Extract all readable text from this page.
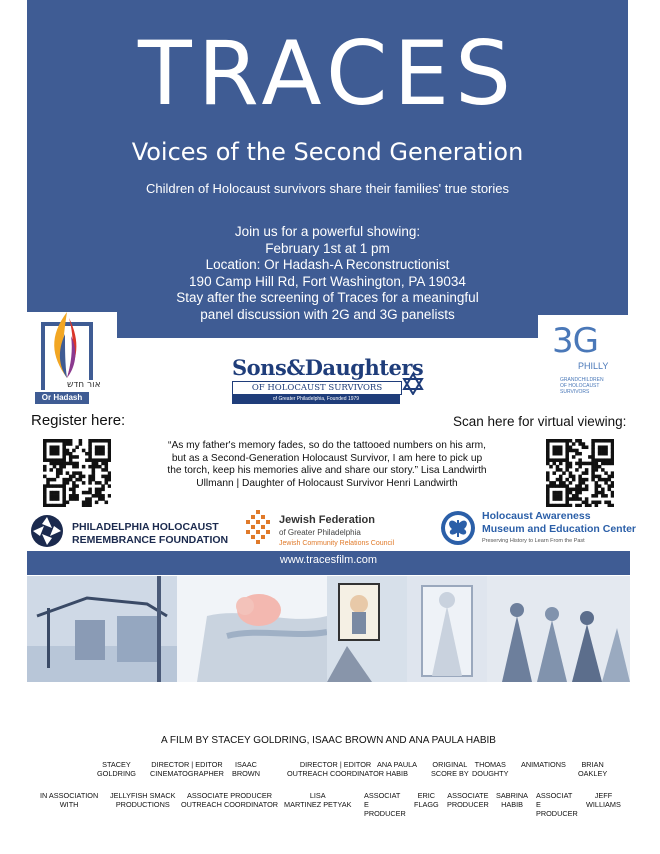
TRACES
Voices of the Second Generation
Children of Holocaust survivors share their families' true stories
Join us for a powerful showing:
February 1st at 1 pm
Location: Or Hadash-A Reconstructionist
190 Camp Hill Rd, Fort Washington, PA 19034
Stay after the screening of Traces for a meaningful
panel discussion with 2G and 3G panelists
אור חדש
Or Hadash
3G
PHILLY
GRANDCHILDREN OF HOLOCAUST SURVIVORS
Sons&Daughters
OF HOLOCAUST SURVIVORS
of Greater Philadelphia, Founded 1979
Register here:	Scan here for virtual viewing:
“As my father's memory fades, so do the tattooed numbers on his arm,
but as a Second-Generation Holocaust Survivor, I am here to pick up
the torch, keep his memories alive and share our story.” Lisa Landwirth
Ullmann | Daughter of Holocaust Survivor Henri Landwirth
PHILADELPHIA HOLOCAUST
REMEMBRANCE FOUNDATION
Jewish Federation
of Greater Philadelphia
Jewish Community Relations Council
Holocaust Awareness
Museum and Education Center
Preserving History to Learn From the Past
www.tracesfilm.com
A FILM BY STACEY GOLDRING, ISAAC BROWN AND ANA PAULA HABIB
STACEY
GOLDRING
DIRECTOR | EDITOR
CINEMATOGRAPHER
ISAAC
BROWN
DIRECTOR | EDITOR
OUTREACH COORDINATOR
ANA PAULA
HABIB
ORIGINAL
SCORE BY
THOMAS
DOUGHTY
ANIMATIONS	BRIAN
OAKLEY
IN ASSOCIATION
WITH
JELLYFISH SMACK
PRODUCTIONS
ASSOCIATE PRODUCER
OUTREACH COORDINATOR
LISA
MARTINEZ PETYAK
ASSOCIAT
E
PRODUCER
ERIC
FLAGG
ASSOCIATE
PRODUCER
SABRINA
HABIB
ASSOCIAT
E
PRODUCER
JEFF
WILLIAMS
